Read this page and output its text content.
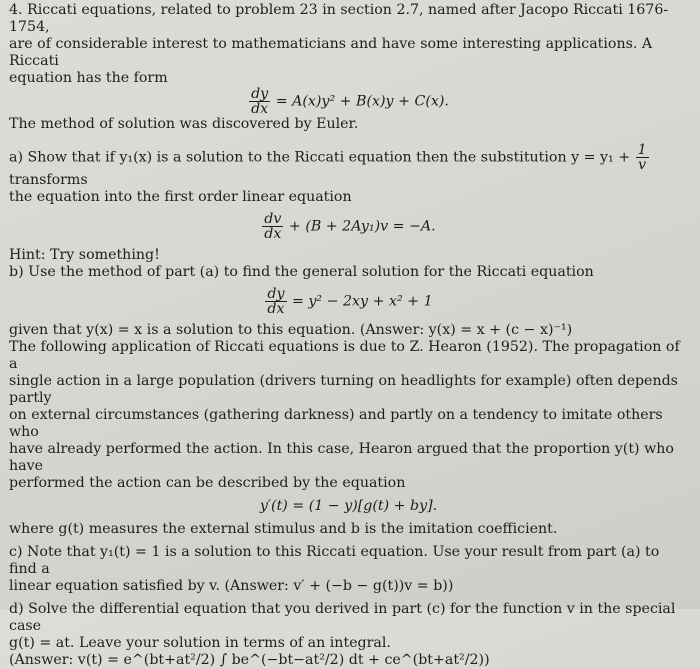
4. Riccati equations, related to problem 23 in section 2.7, named after Jacopo Riccati 1676-1754,

are of considerable interest to mathematicians and have some interesting applications. A Riccati

equation has the form

$\frac{dy}{dx} = A(x)y^2 + B(x)y + C(x)$.

The method of solution was discovered by Euler.

a) Show that if y₁(x) is a solution to the Riccati equation then the substitution $y = y_1 + \frac{1}{v}$
transforms

the equation into the first order linear equation

$\frac{dv}{dx} + (B + 2Ay_1)v = -A$.

Hint: Try something!

b) Use the method of part (a) to find the general solution for the Riccati equation

$\frac{dy}{dx} = y^2 - 2xy + x^2 + 1$

given that y(x) = x is a solution to this equation. (Answer: y(x) = x + (c − x)⁻¹)

The following application of Riccati equations is due to Z. Hearon (1952). The propagation of a

single action in a large population (drivers turning on headlights for example) often depends partly

on external circumstances (gathering darkness) and partly on a tendency to imitate others who

have already performed the action. In this case, Hearon argued that the proportion y(t) who have

performed the action can be described by the equation

y′(t) = (1 − y)[g(t) + by].

where g(t) measures the external stimulus and b is the imitation coefficient.

c) Note that y₁(t) = 1 is a solution to this Riccati equation. Use your result from part (a) to find a

linear equation satisfied by v. (Answer: v′ + (−b − g(t))v = b))

d) Solve the differential equation that you derived in part (c) for the function v in the special case

g(t) = at. Leave your solution in terms of an integral.

(Answer: v(t) = e^(bt+at²/2) ∫ be^(−bt−at²/2) dt + ce^(bt+at²/2))
